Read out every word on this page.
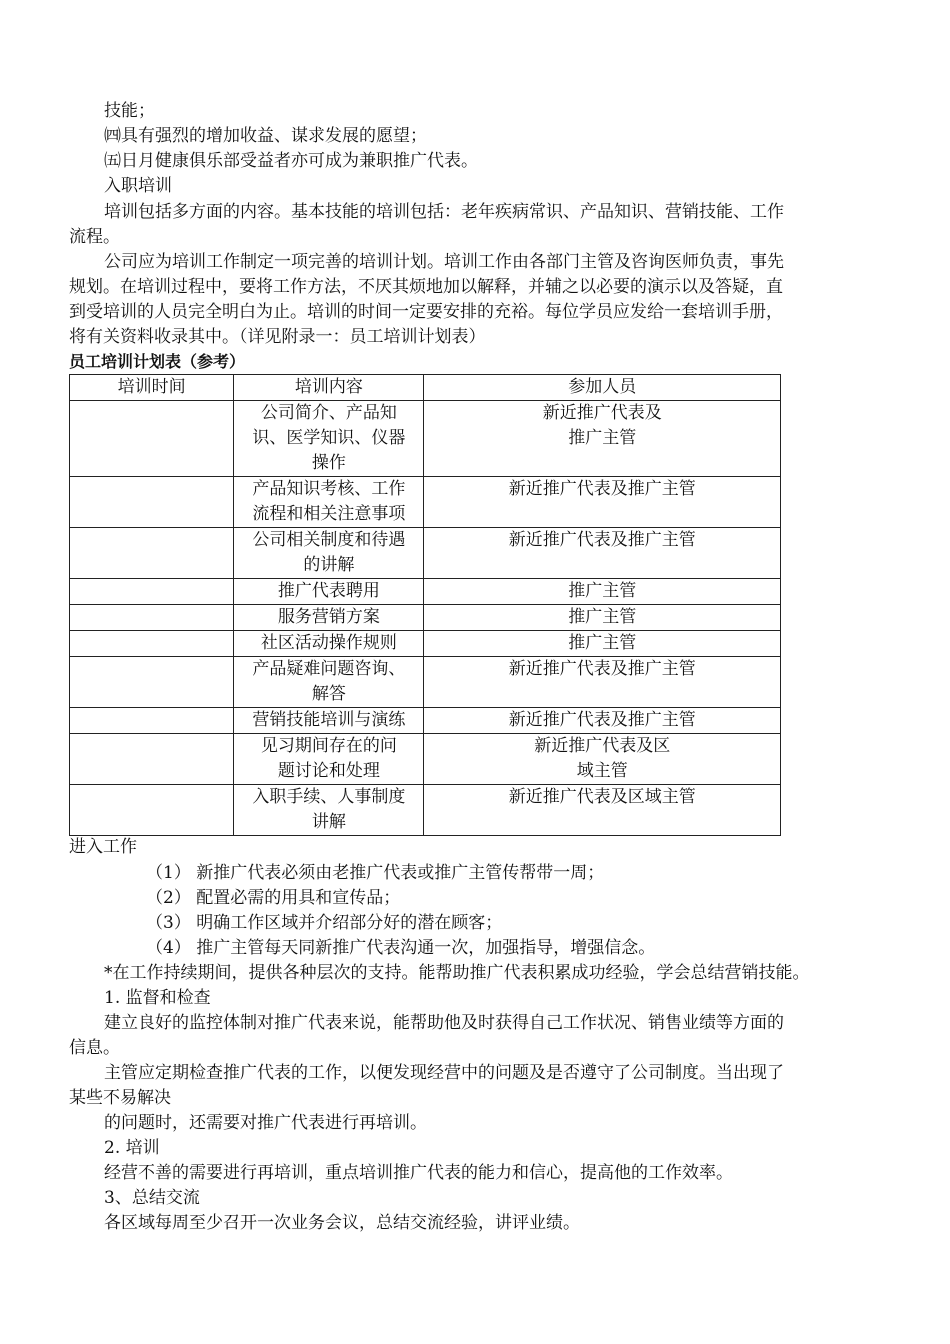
技能；
㈣具有强烈的增加收益、谋求发展的愿望；
㈤日月健康俱乐部受益者亦可成为兼职推广代表。
入职培训
培训包括多方面的内容。基本技能的培训包括：老年疾病常识、产品知识、营销技能、工作
流程。
公司应为培训工作制定一项完善的培训计划。培训工作由各部门主管及咨询医师负责，事先
规划。在培训过程中，要将工作方法，不厌其烦地加以解释，并辅之以必要的演示以及答疑，直
到受培训的人员完全明白为止。培训的时间一定要安排的充裕。每位学员应发给一套培训手册，
将有关资料收录其中。（详见附录一：员工培训计划表）
员工培训计划表（参考）
培训时间	培训内容	参加人员

	公司简介、产品知
识、医学知识、仪器
操作	新近推广代表及
推广主管

	产品知识考核、工作
流程和相关注意事项	新近推广代表及推广主管

	公司相关制度和待遇
的讲解	新近推广代表及推广主管

	推广代表聘用	推广主管

	服务营销方案	推广主管

	社区活动操作规则	推广主管

	产品疑难问题咨询、
解答	新近推广代表及推广主管

	营销技能培训与演练	新近推广代表及推广主管

	见习期间存在的问
题讨论和处理	新近推广代表及区
域主管

	入职手续、人事制度
讲解	新近推广代表及区域主管
进入工作
（1） 新推广代表必须由老推广代表或推广主管传帮带一周；
（2） 配置必需的用具和宣传品；
（3） 明确工作区域并介绍部分好的潜在顾客；
（4） 推广主管每天同新推广代表沟通一次，加强指导，增强信念。
*在工作持续期间，提供各种层次的支持。能帮助推广代表积累成功经验，学会总结营销技能。
1. 监督和检查
建立良好的监控体制对推广代表来说，能帮助他及时获得自己工作状况、销售业绩等方面的
信息。
主管应定期检查推广代表的工作，以便发现经营中的问题及是否遵守了公司制度。当出现了
某些不易解决
的问题时，还需要对推广代表进行再培训。
2. 培训
经营不善的需要进行再培训，重点培训推广代表的能力和信心，提高他的工作效率。
3、总结交流
各区域每周至少召开一次业务会议，总结交流经验，讲评业绩。
